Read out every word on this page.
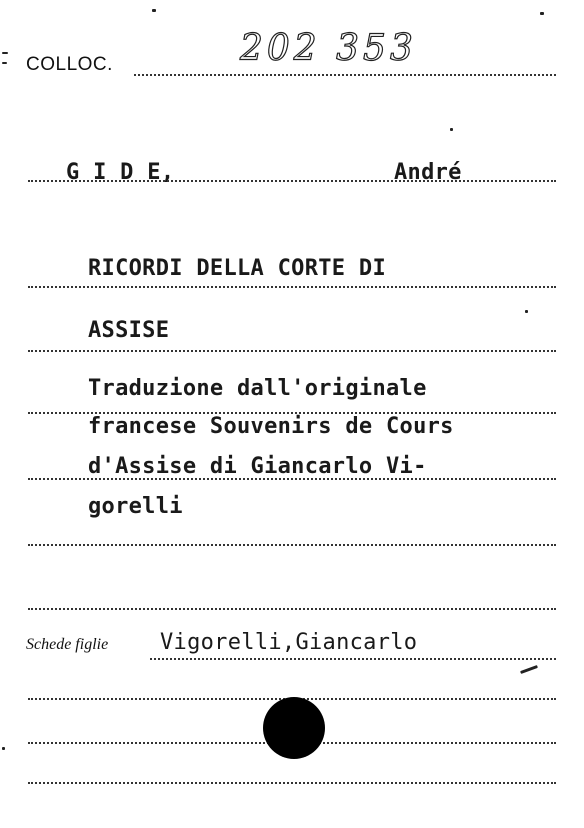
COLLOC.	202 353
G I D E,	André
RICORDI DELLA CORTE DI
ASSISE
Traduzione dall'originale
francese Souvenirs de Cours
d'Assise di Giancarlo Vi-
gorelli
Schede figlie Vigorelli,Giancarlo
